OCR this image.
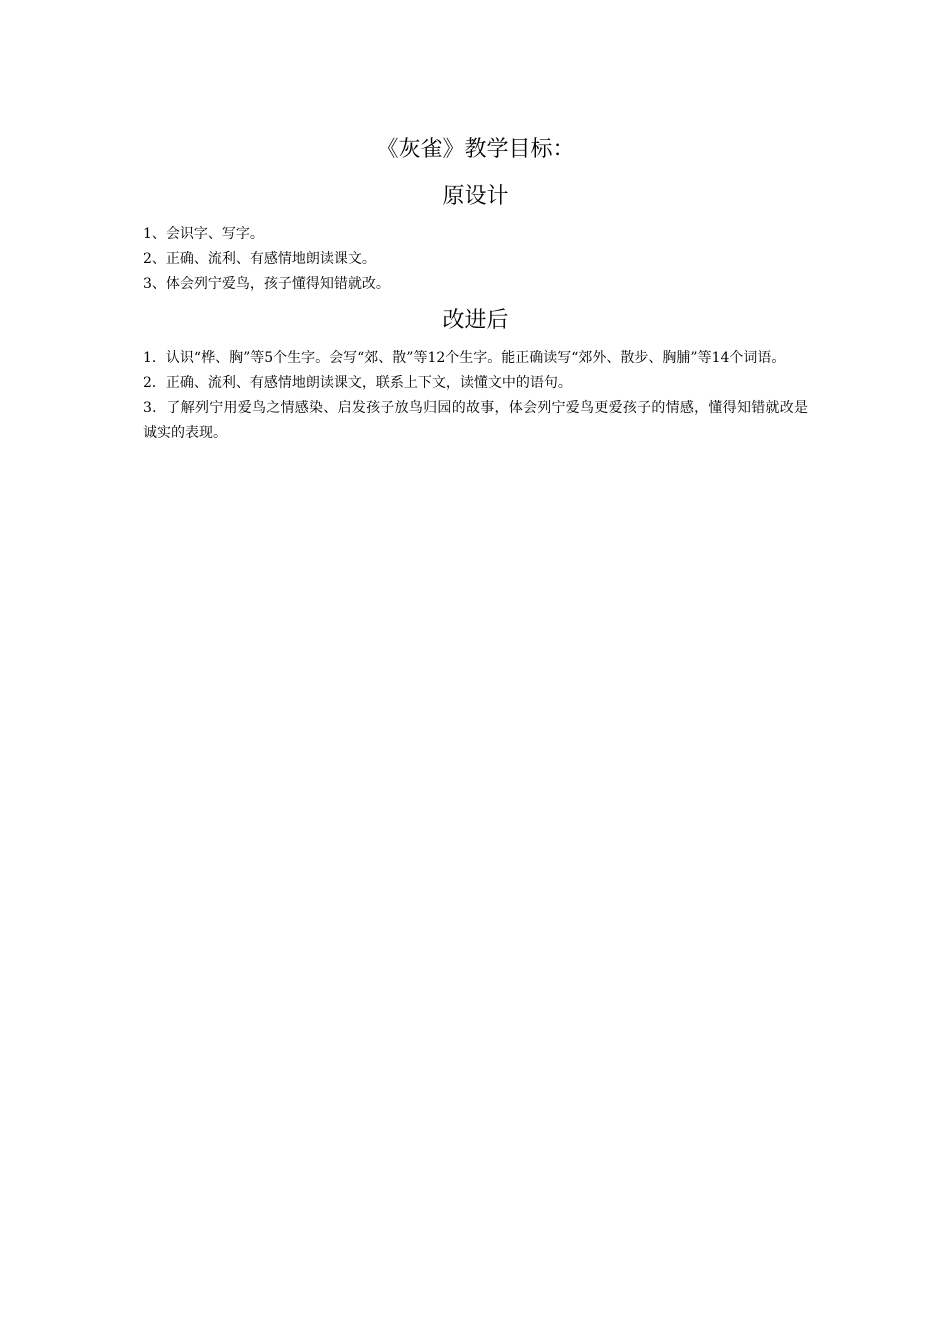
《灰雀》教学目标：
原设计

1、会识字、写字。

2、正确、流利、有感情地朗读课文。

3、体会列宁爱鸟，孩子懂得知错就改。

改进后

1．认识“桦、胸”等5个生字。会写“郊、散”等12个生字。能正确读写“郊外、散步、胸脯”等14个词语。

2．正确、流利、有感情地朗读课文，联系上下文，读懂文中的语句。

3．了解列宁用爱鸟之情感染、启发孩子放鸟归园的故事，体会列宁爱鸟更爱孩子的情感，懂得知错就改是诚实的表现。
